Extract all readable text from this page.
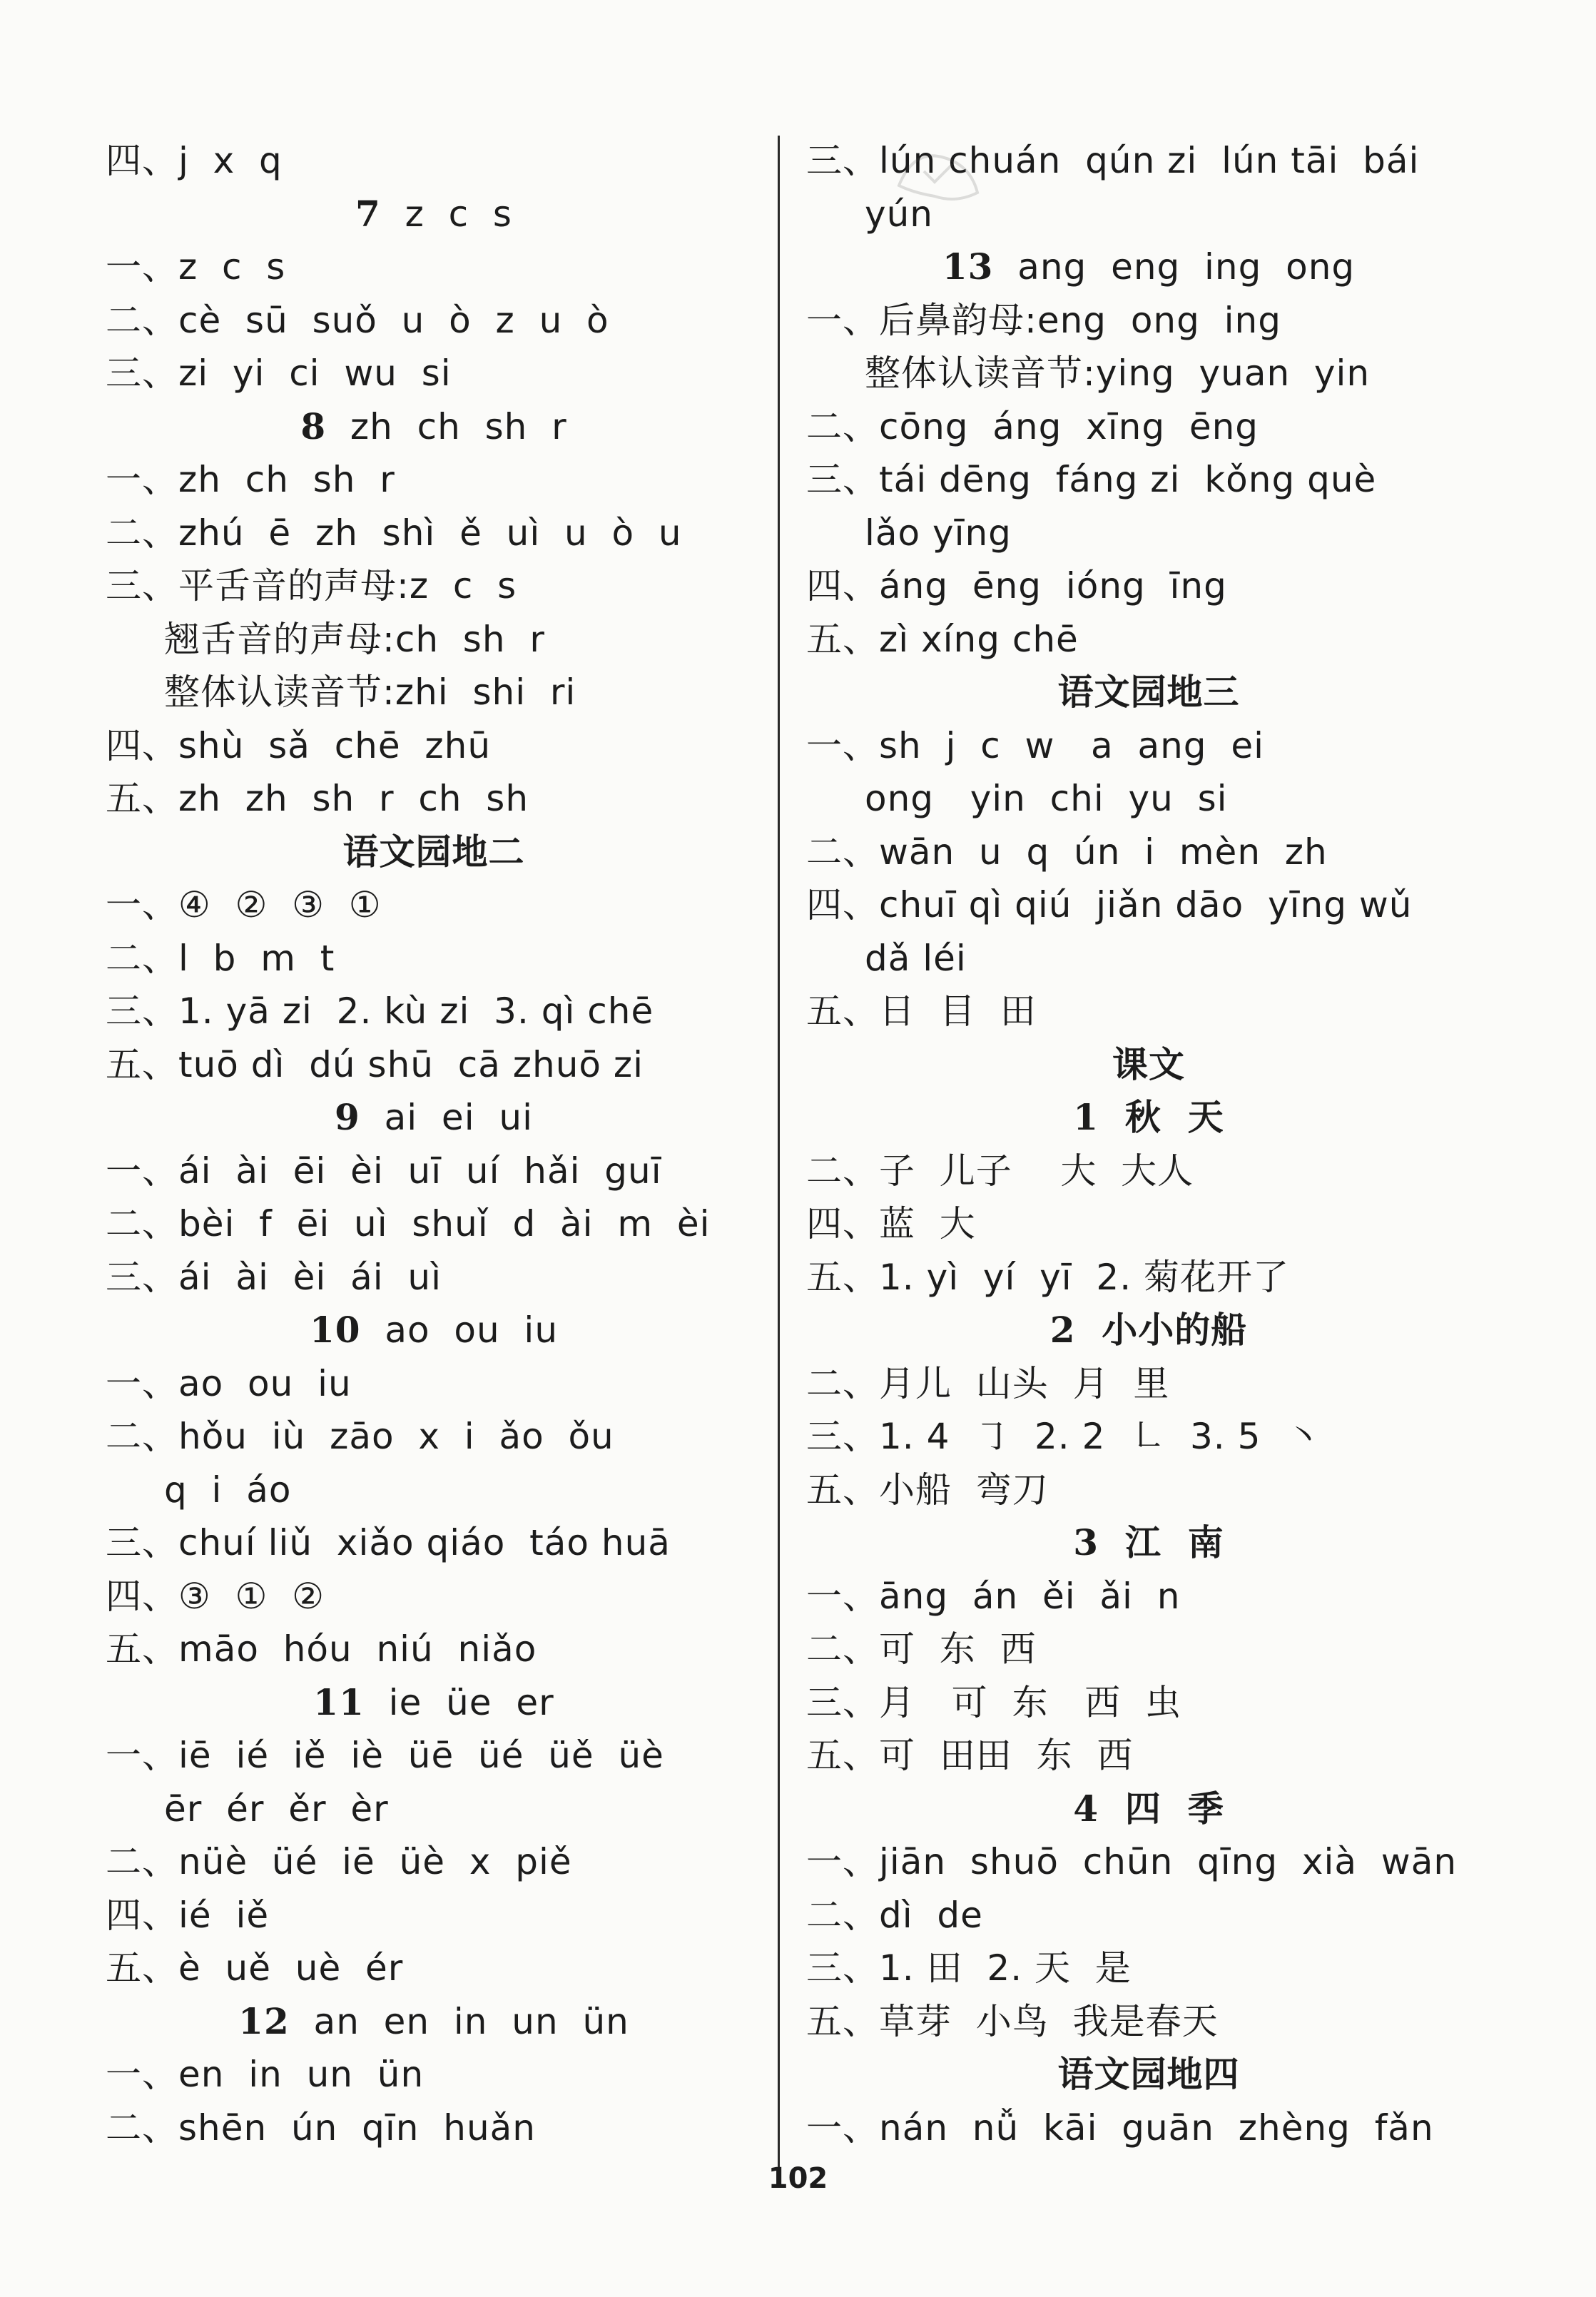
四、j  x  q
7  z  c  s
一、z  c  s
二、cè  sū  suǒ  u  ò  z  u  ò
三、zi  yi  ci  wu  si
8  zh  ch  sh  r
一、zh  ch  sh  r
二、zhú  ē  zh  shì  ě  uì  u  ò  u
三、平舌音的声母:z  c  s
翘舌音的声母:ch  sh  r
整体认读音节:zhi  shi  ri
四、shù  sǎ  chē  zhū
五、zh  zh  sh  r  ch  sh
语文园地二
一、④  ②  ③  ①
二、l  b  m  t
三、1. yā zi  2. kù zi  3. qì chē
五、tuō dì  dú shū  cā zhuō zi
9  ai  ei  ui
一、ái  ài  ēi  èi  uī  uí  hǎi  guī
二、bèi  f  ēi  uì  shuǐ  d  ài  m  èi
三、ái  ài  èi  ái  uì
10  ao  ou  iu
一、ao  ou  iu
二、hǒu  iù  zāo  x  i  ǎo  ǒu
q  i  áo
三、chuí liǔ  xiǎo qiáo  táo huā
四、③  ①  ②
五、māo  hóu  niú  niǎo
11  ie  üe  er
一、iē  ié  iě  iè  üē  üé  üě  üè
ēr  ér  ěr  èr
二、nüè  üé  iē  üè  x  piě
四、ié  iě
五、è  uě  uè  ér
12  an  en  in  un  ün
一、en  in  un  ün
二、shēn  ún  qīn  huǎn
三、lún chuán  qún zi  lún tāi  bái
yún
13  ang  eng  ing  ong
一、后鼻韵母:eng  ong  ing
整体认读音节:ying  yuan  yin
二、cōng  áng  xīng  ēng
三、tái dēng  fáng zi  kǒng què
lǎo yīng
四、áng  ēng  ióng  īng
五、zì xíng chē
语文园地三
一、sh  j  c  w   a  ang  ei
ong   yin  chi  yu  si
二、wān  u  q  ún  i  mèn  zh
四、chuī qì qiú  jiǎn dāo  yīng wǔ
dǎ léi
五、日  目  田
课文
1  秋  天
二、子  儿子    大  大人
四、蓝  大
五、1. yì  yí  yī  2. 菊花开了
2  小小的船
二、月儿  山头  月  里
三、1. 4  ㇆  2. 2  ㇗  3. 5  ㇔
五、小船  弯刀
3  江  南
一、āng  án  ěi  ǎi  n
二、可  东  西
三、月   可  东   西  虫
五、可  田田  东  西
4  四  季
一、jiān  shuō  chūn  qīng  xià  wān
二、dì  de
三、1. 田  2. 天  是
五、草芽  小鸟  我是春天
语文园地四
一、nán  nǚ  kāi  guān  zhèng  fǎn
102
